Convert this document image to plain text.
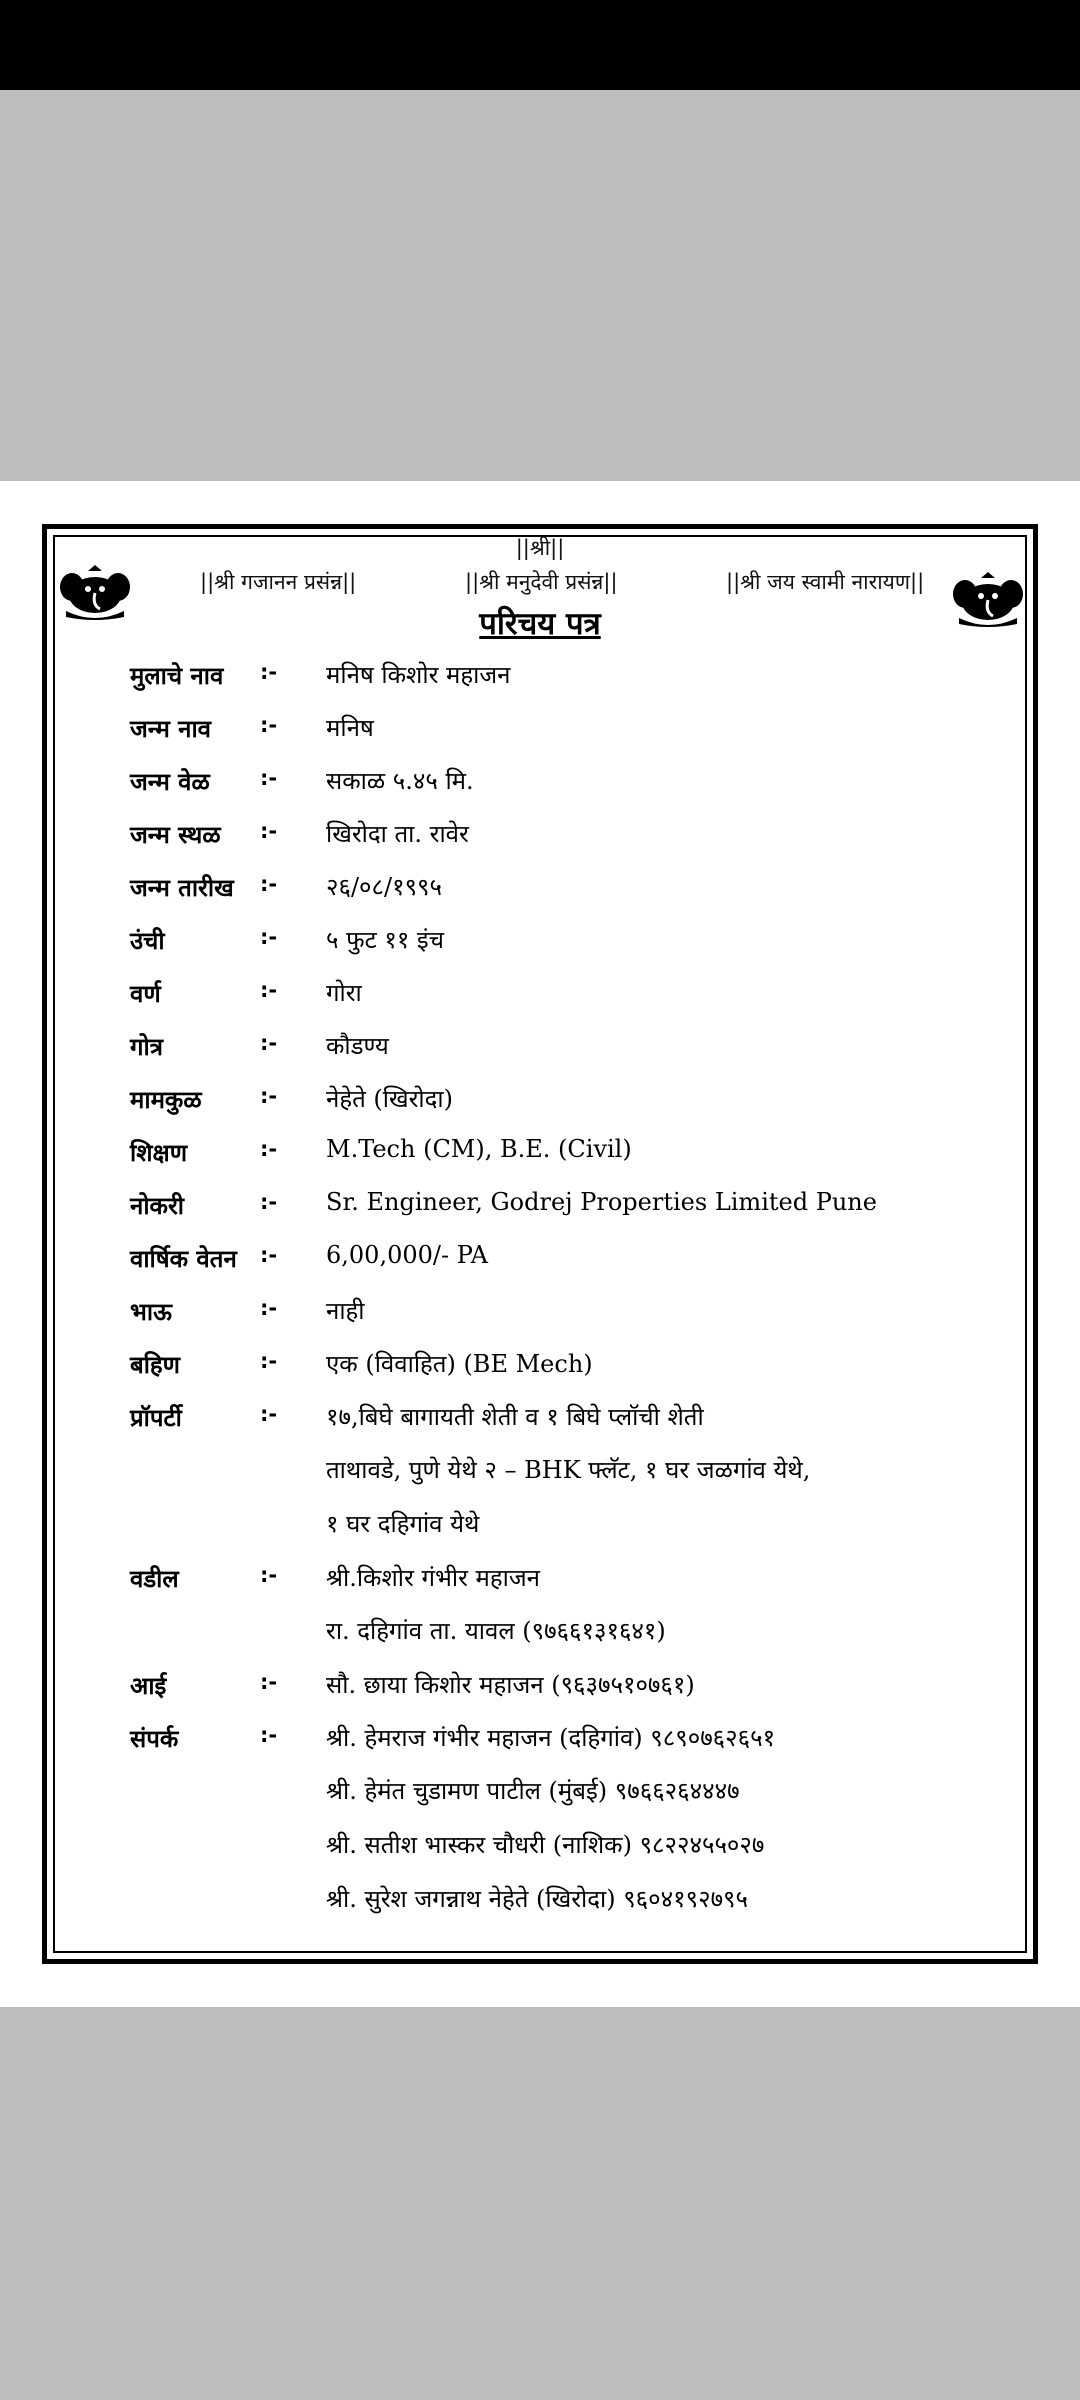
||श्री||
||श्री गजानन प्रसंन्न||	||श्री मनुदेवी प्रसंन्न||	||श्री जय स्वामी नारायण||
परिचय पत्र
मुलाचे नाव :- मनिष किशोर महाजन
जन्म नाव :- मनिष
जन्म वेळ :- सकाळ ५.४५ मि.
जन्म स्थळ :- खिरोदा ता. रावेर
जन्म तारीख :- २६/०८/१९९५
उंची	:- ५ फुट ११ इंच
वर्ण	:- गोरा
गोत्र	:- कौडण्य
मामकुळ	:- नेहेते (खिरोदा)
शिक्षण	:- M.Tech (CM), B.E. (Civil)
नोकरी	:- Sr. Engineer, Godrej Properties Limited Pune
वार्षिक वेतन :- 6,00,000/- PA
भाऊ	:- नाही
बहिण	:- एक (विवाहित) (BE Mech)
प्रॉपर्टी	:- १७,बिघे बागायती शेती व १ बिघे प्लॉची शेती
ताथावडे, पुणे येथे २ – BHK फ्लॅट, १ घर जळगांव येथे,
१ घर दहिगांव येथे
वडील	:- श्री.किशोर गंभीर महाजन
रा. दहिगांव ता. यावल (९७६६१३१६४१)
आई	:- सौ. छाया किशोर महाजन (९६३७५१०७६१)
संपर्क	:- श्री. हेमराज गंभीर महाजन (दहिगांव) ९८९०७६२६५१
श्री. हेमंत चुडामण पाटील (मुंबई) ९७६६२६४४४७
श्री. सतीश भास्कर चौधरी (नाशिक) ९८२२४५५०२७
श्री. सुरेश जगन्नाथ नेहेते (खिरोदा) ९६०४१९२७९५
